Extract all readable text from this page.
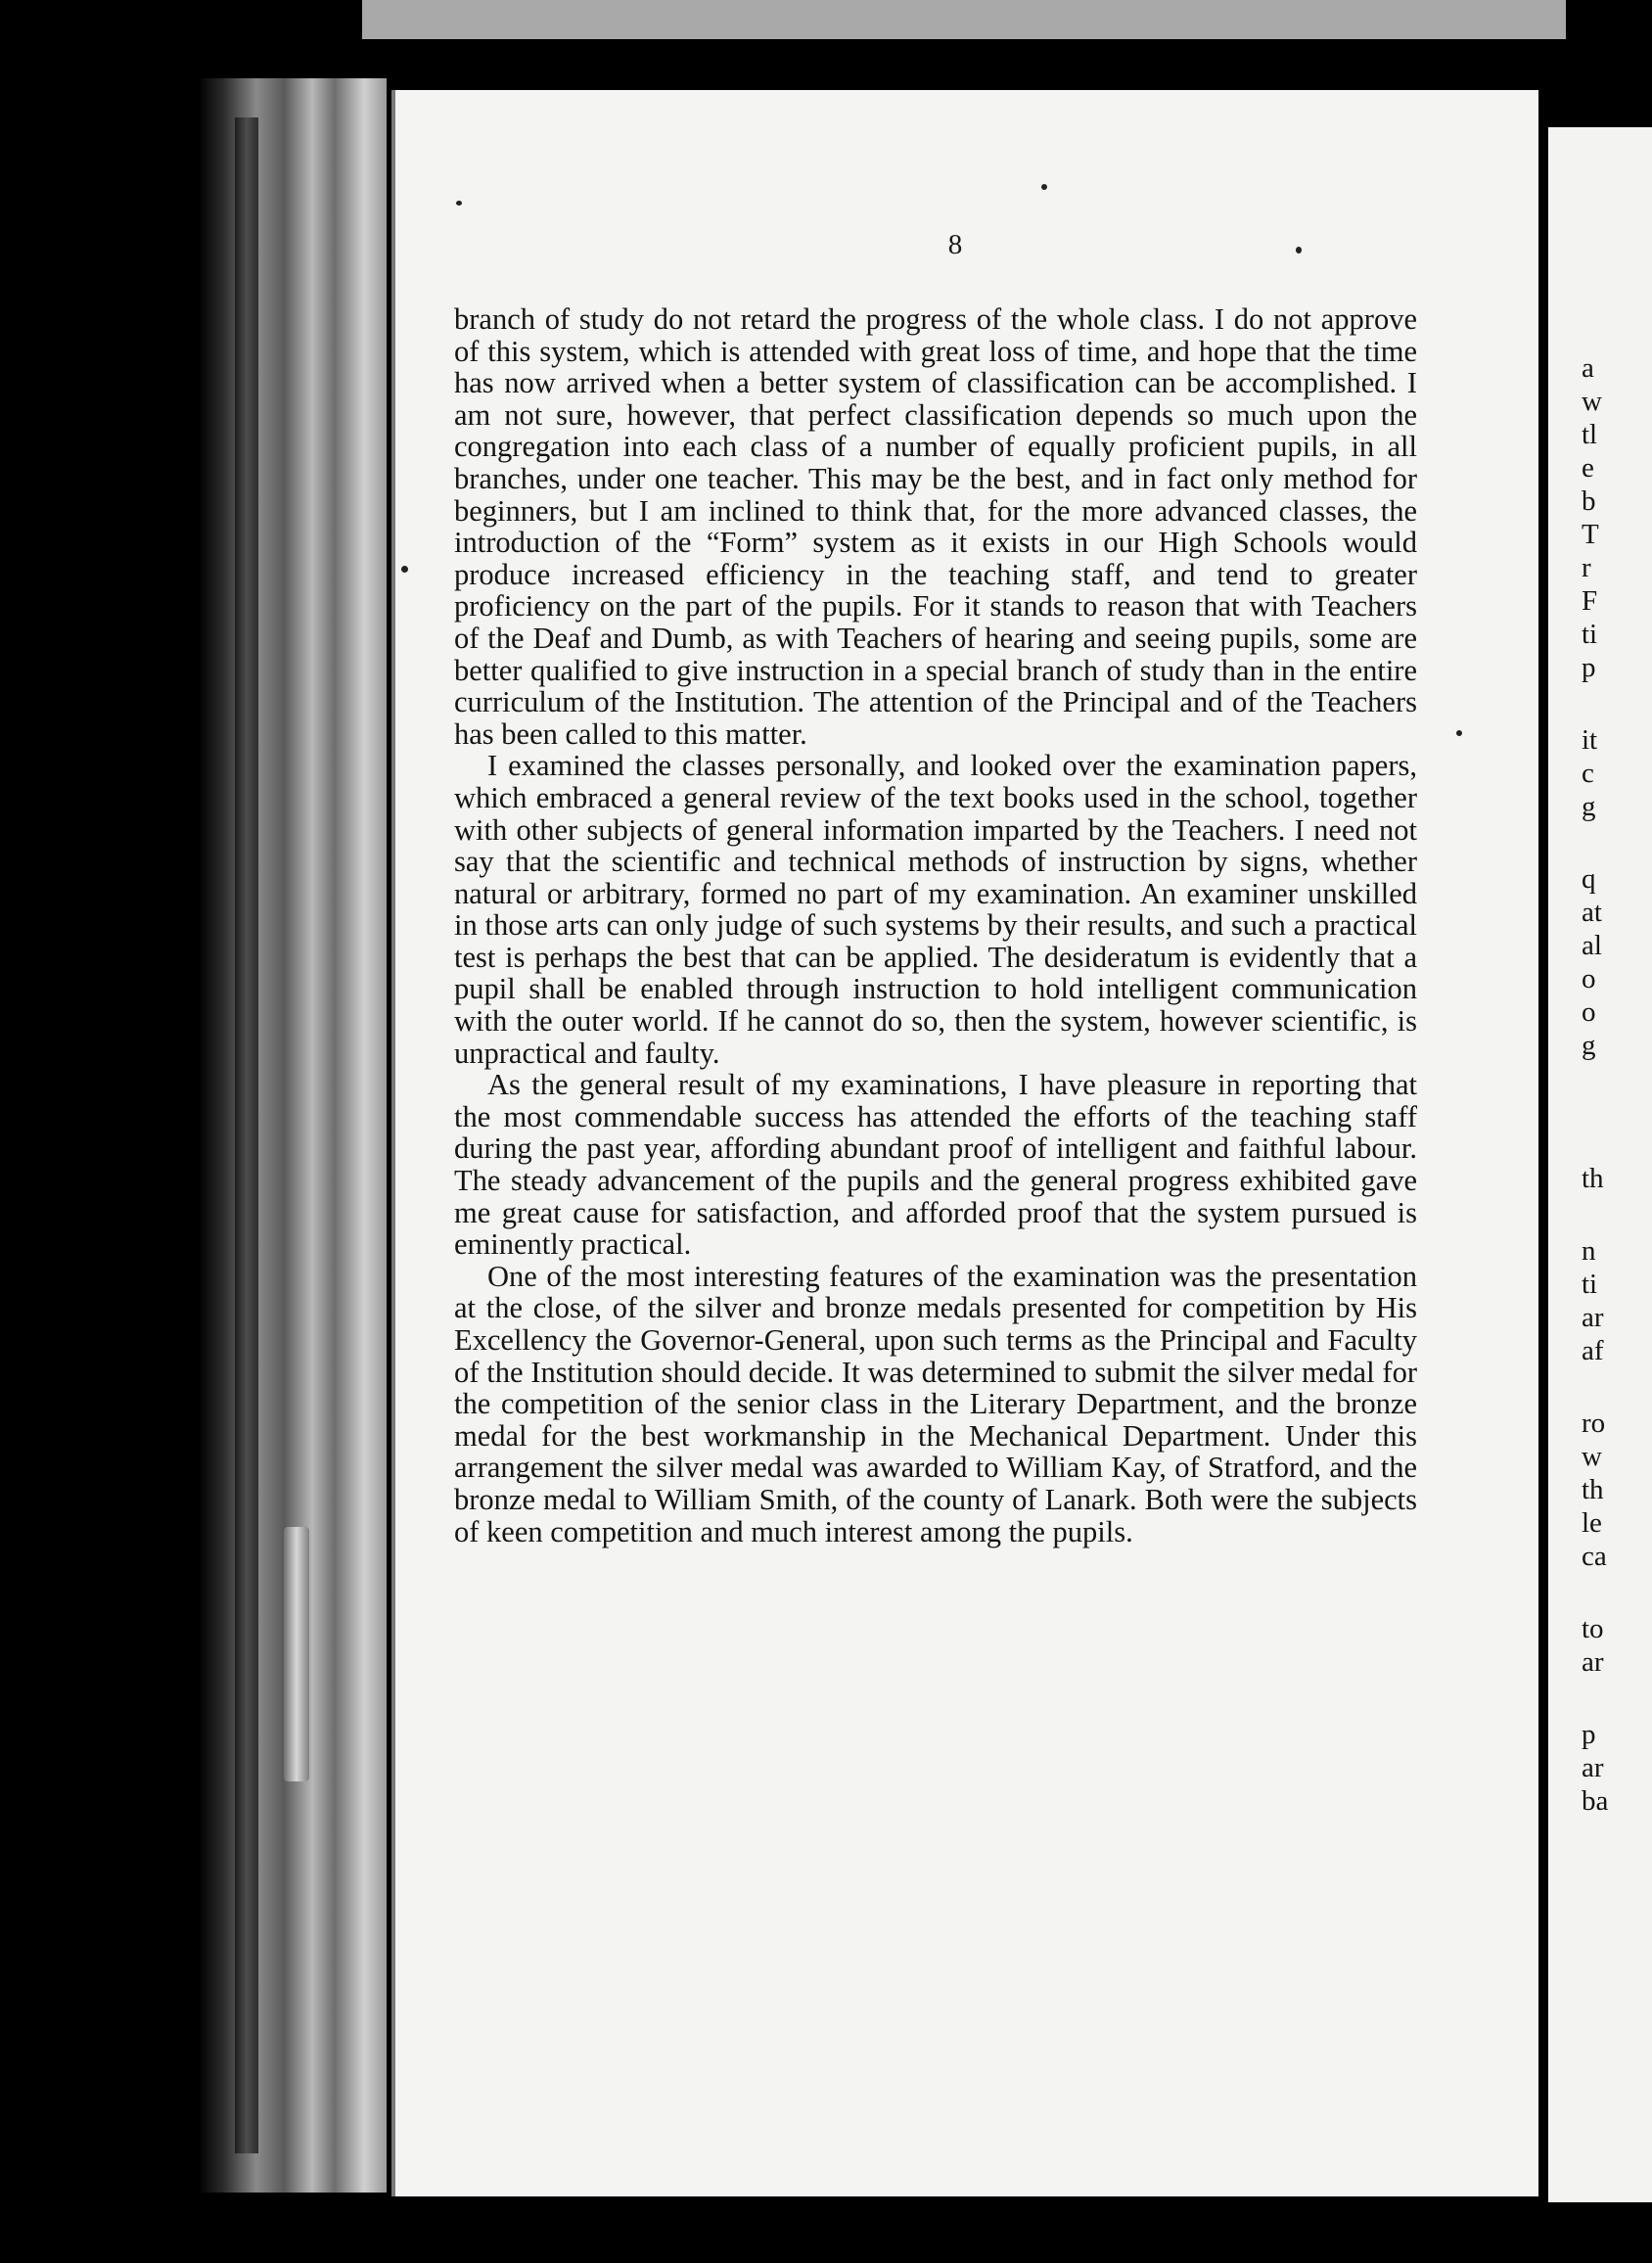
8

branch of study do not retard the progress of the whole class. I do not approve of this system, which is attended with great loss of time, and hope that the time has now arrived when a better system of classification can be accomplished. I am not sure, however, that perfect classification depends so much upon the congregation into each class of a number of equally proficient pupils, in all branches, under one teacher. This may be the best, and in fact only method for beginners, but I am inclined to think that, for the more advanced classes, the introduction of the “Form” system as it exists in our High Schools would produce increased efficiency in the teaching staff, and tend to greater proficiency on the part of the pupils. For it stands to reason that with Teachers of the Deaf and Dumb, as with Teachers of hearing and seeing pupils, some are better qualified to give instruction in a special branch of study than in the entire curriculum of the Institution. The attention of the Principal and of the Teachers has been called to this matter.

I examined the classes personally, and looked over the examination papers, which embraced a general review of the text books used in the school, together with other subjects of general information imparted by the Teachers. I need not say that the scientific and technical methods of instruction by signs, whether natural or arbitrary, formed no part of my examination. An examiner unskilled in those arts can only judge of such systems by their results, and such a practical test is perhaps the best that can be applied. The desideratum is evidently that a pupil shall be enabled through instruction to hold intelligent communication with the outer world. If he cannot do so, then the system, however scientific, is unpractical and faulty.

As the general result of my examinations, I have pleasure in reporting that the most commendable success has attended the efforts of the teaching staff during the past year, affording abundant proof of intelligent and faithful labour. The steady advancement of the pupils and the general progress exhibited gave me great cause for satisfaction, and afforded proof that the system pursued is eminently practical.

One of the most interesting features of the examination was the presentation at the close, of the silver and bronze medals presented for competition by His Excellency the Governor-General, upon such terms as the Principal and Faculty of the Institution should decide. It was determined to submit the silver medal for the competition of the senior class in the Literary Department, and the bronze medal for the best workmanship in the Mechanical Department. Under this arrangement the silver medal was awarded to William Kay, of Stratford, and the bronze medal to William Smith, of the county of Lanark. Both were the subjects of keen competition and much interest among the pupils.

a
w
tl
e
b
T
r
F
ti
p
it
c
g
q
at
al
o
o
g
th
n
ti
ar
af
ro
w
th
le
ca
to
ar
p
ar
ba
